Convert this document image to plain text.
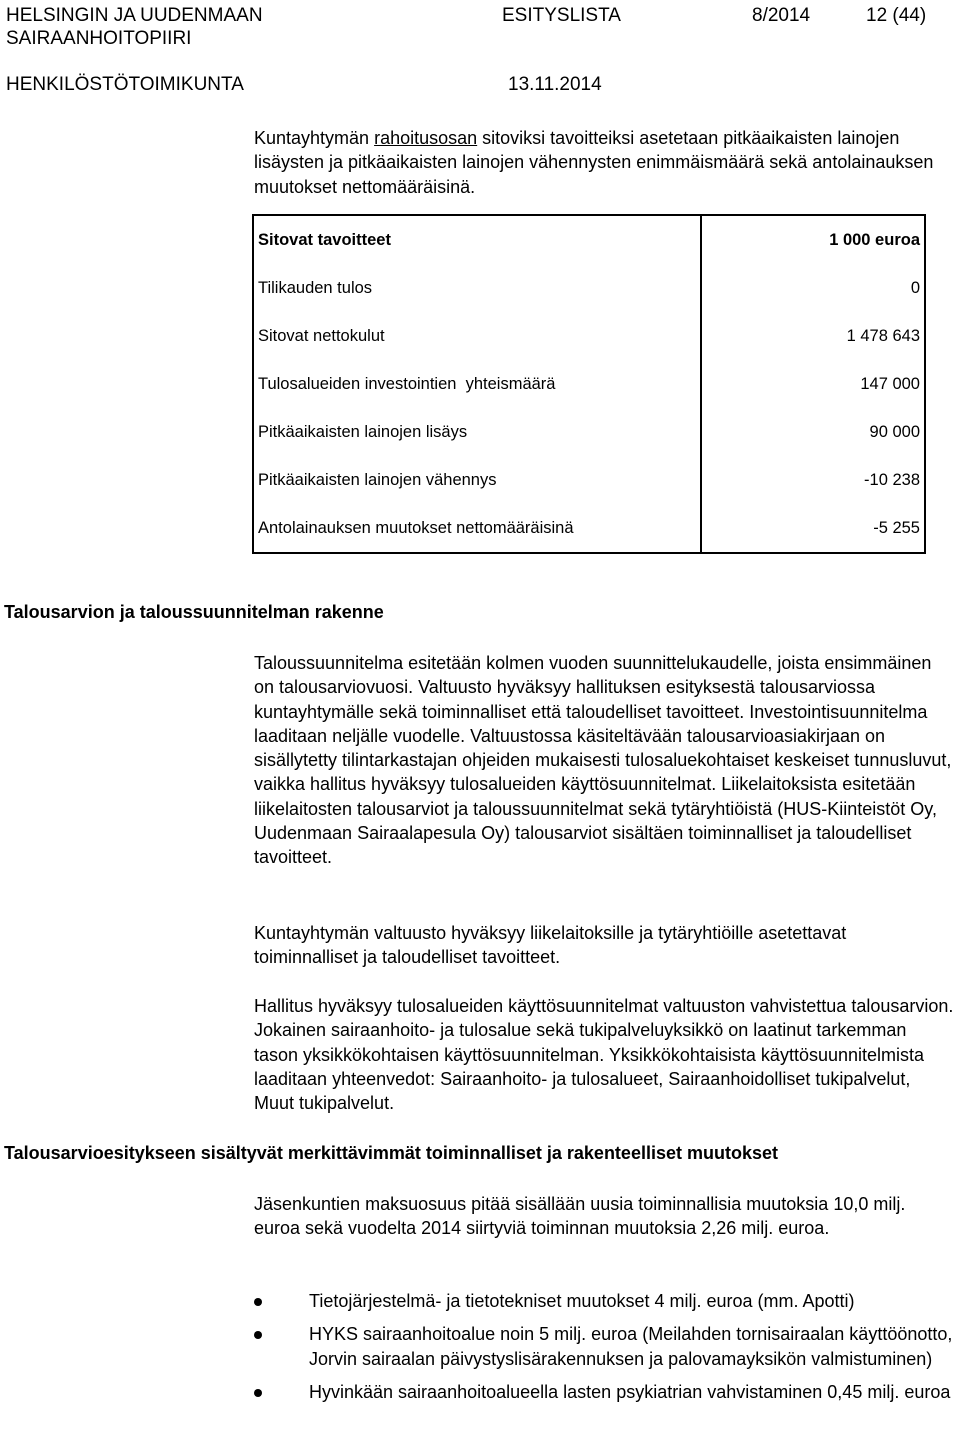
HELSINGIN JA UUDENMAAN
SAIRAANHOITOPIIRI
ESITYSLISTA	8/2014	12 (44)
HENKILÖSTÖTOIMIKUNTA	13.11.2014

Kuntayhtymän rahoitusosan sitoviksi tavoitteiksi asetetaan pitkäaikaisten lainojen lisäysten ja pitkäaikaisten lainojen vähennysten enimmäismäärä sekä antolainauksen muutokset nettomääräisinä.

Sitovat tavoitteet	1 000 euroa
Tilikauden tulos	0
Sitovat nettokulut	1 478 643
Tulosalueiden investointien  yhteismäärä	147 000
Pitkäaikaisten lainojen lisäys	90 000
Pitkäaikaisten lainojen vähennys	-10 238
Antolainauksen muutokset nettomääräisinä	-5 255
Talousarvion ja taloussuunnitelman rakenne

Taloussuunnitelma esitetään kolmen vuoden suunnittelukaudelle, joista ensimmäinen on talousarviovuosi. Valtuusto hyväksyy hallituksen esityksestä talousarviossa kuntayhtymälle sekä toiminnalliset että taloudelliset tavoitteet. Investointisuunnitelma laaditaan neljälle vuodelle. Valtuustossa käsiteltävään talousarvioasiakirjaan on sisällytetty tilintarkastajan ohjeiden mukaisesti tulosaluekohtaiset keskeiset tunnusluvut, vaikka hallitus hyväksyy tulosalueiden käyttösuunnitelmat. Liikelaitoksista esitetään liikelaitosten talousarviot ja taloussuunnitelmat sekä tytäryhtiöistä (HUS-Kiinteistöt Oy, Uudenmaan Sairaalapesula Oy) talousarviot sisältäen toiminnalliset ja taloudelliset tavoitteet.

Kuntayhtymän valtuusto hyväksyy liikelaitoksille ja tytäryhtiöille asetettavat toiminnalliset ja taloudelliset tavoitteet.

Hallitus hyväksyy tulosalueiden käyttösuunnitelmat valtuuston vahvistettua talousarvion. Jokainen sairaanhoito- ja tulosalue sekä tukipalveluyksikkö on laatinut tarkemman tason yksikkökohtaisen käyttösuunnitelman. Yksikkökohtaisista käyttösuunnitelmista laaditaan yhteenvedot: Sairaanhoito- ja tulosalueet, Sairaanhoidolliset tukipalvelut, Muut tukipalvelut.

Talousarvioesitykseen sisältyvät merkittävimmät toiminnalliset ja rakenteelliset muutokset

Jäsenkuntien maksuosuus pitää sisällään uusia toiminnallisia muutoksia 10,0 milj. euroa sekä vuodelta 2014 siirtyviä toiminnan muutoksia 2,26 milj. euroa.

Tietojärjestelmä- ja tietotekniset muutokset 4 milj. euroa (mm. Apotti)
HYKS sairaanhoitoalue noin 5 milj. euroa (Meilahden tornisairaalan käyttöönotto, Jorvin sairaalan päivystyslisärakennuksen ja palovamayksikön valmistuminen)
Hyvinkään sairaanhoitoalueella lasten psykiatrian vahvistaminen 0,45 milj. euroa
